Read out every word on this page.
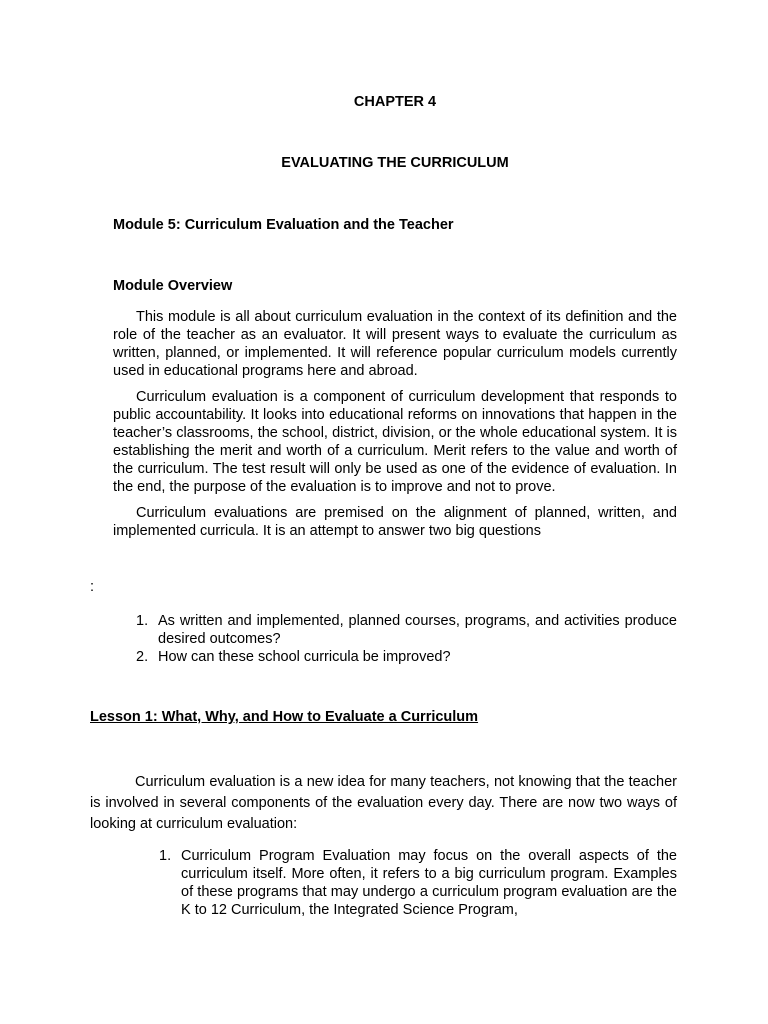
CHAPTER 4
EVALUATING THE CURRICULUM
Module 5: Curriculum Evaluation and the Teacher
Module Overview

This module is all about curriculum evaluation in the context of its definition and the role of the teacher as an evaluator. It will present ways to evaluate the curriculum as written, planned, or implemented. It will reference popular curriculum models currently used in educational programs here and abroad.

Curriculum evaluation is a component of curriculum development that responds to public accountability. It looks into educational reforms on innovations that happen in the teacher’s classrooms, the school, district, division, or the whole educational system. It is establishing the merit and worth of a curriculum. Merit refers to the value and worth of the curriculum. The test result will only be used as one of the evidence of evaluation. In the end, the purpose of the evaluation is to improve and not to prove.

Curriculum evaluations are premised on the alignment of planned, written, and implemented curricula. It is an attempt to answer two big questions

:
1. As written and implemented, planned courses, programs, and activities produce desired outcomes?
2. How can these school curricula be improved?
Lesson 1: What, Why, and How to Evaluate a Curriculum

Curriculum evaluation is a new idea for many teachers, not knowing that the teacher is involved in several components of the evaluation every day. There are now two ways of looking at curriculum evaluation:

1. Curriculum Program Evaluation may focus on the overall aspects of the curriculum itself. More often, it refers to a big curriculum program. Examples of these programs that may undergo a curriculum program evaluation are the K to 12 Curriculum, the Integrated Science Program,
